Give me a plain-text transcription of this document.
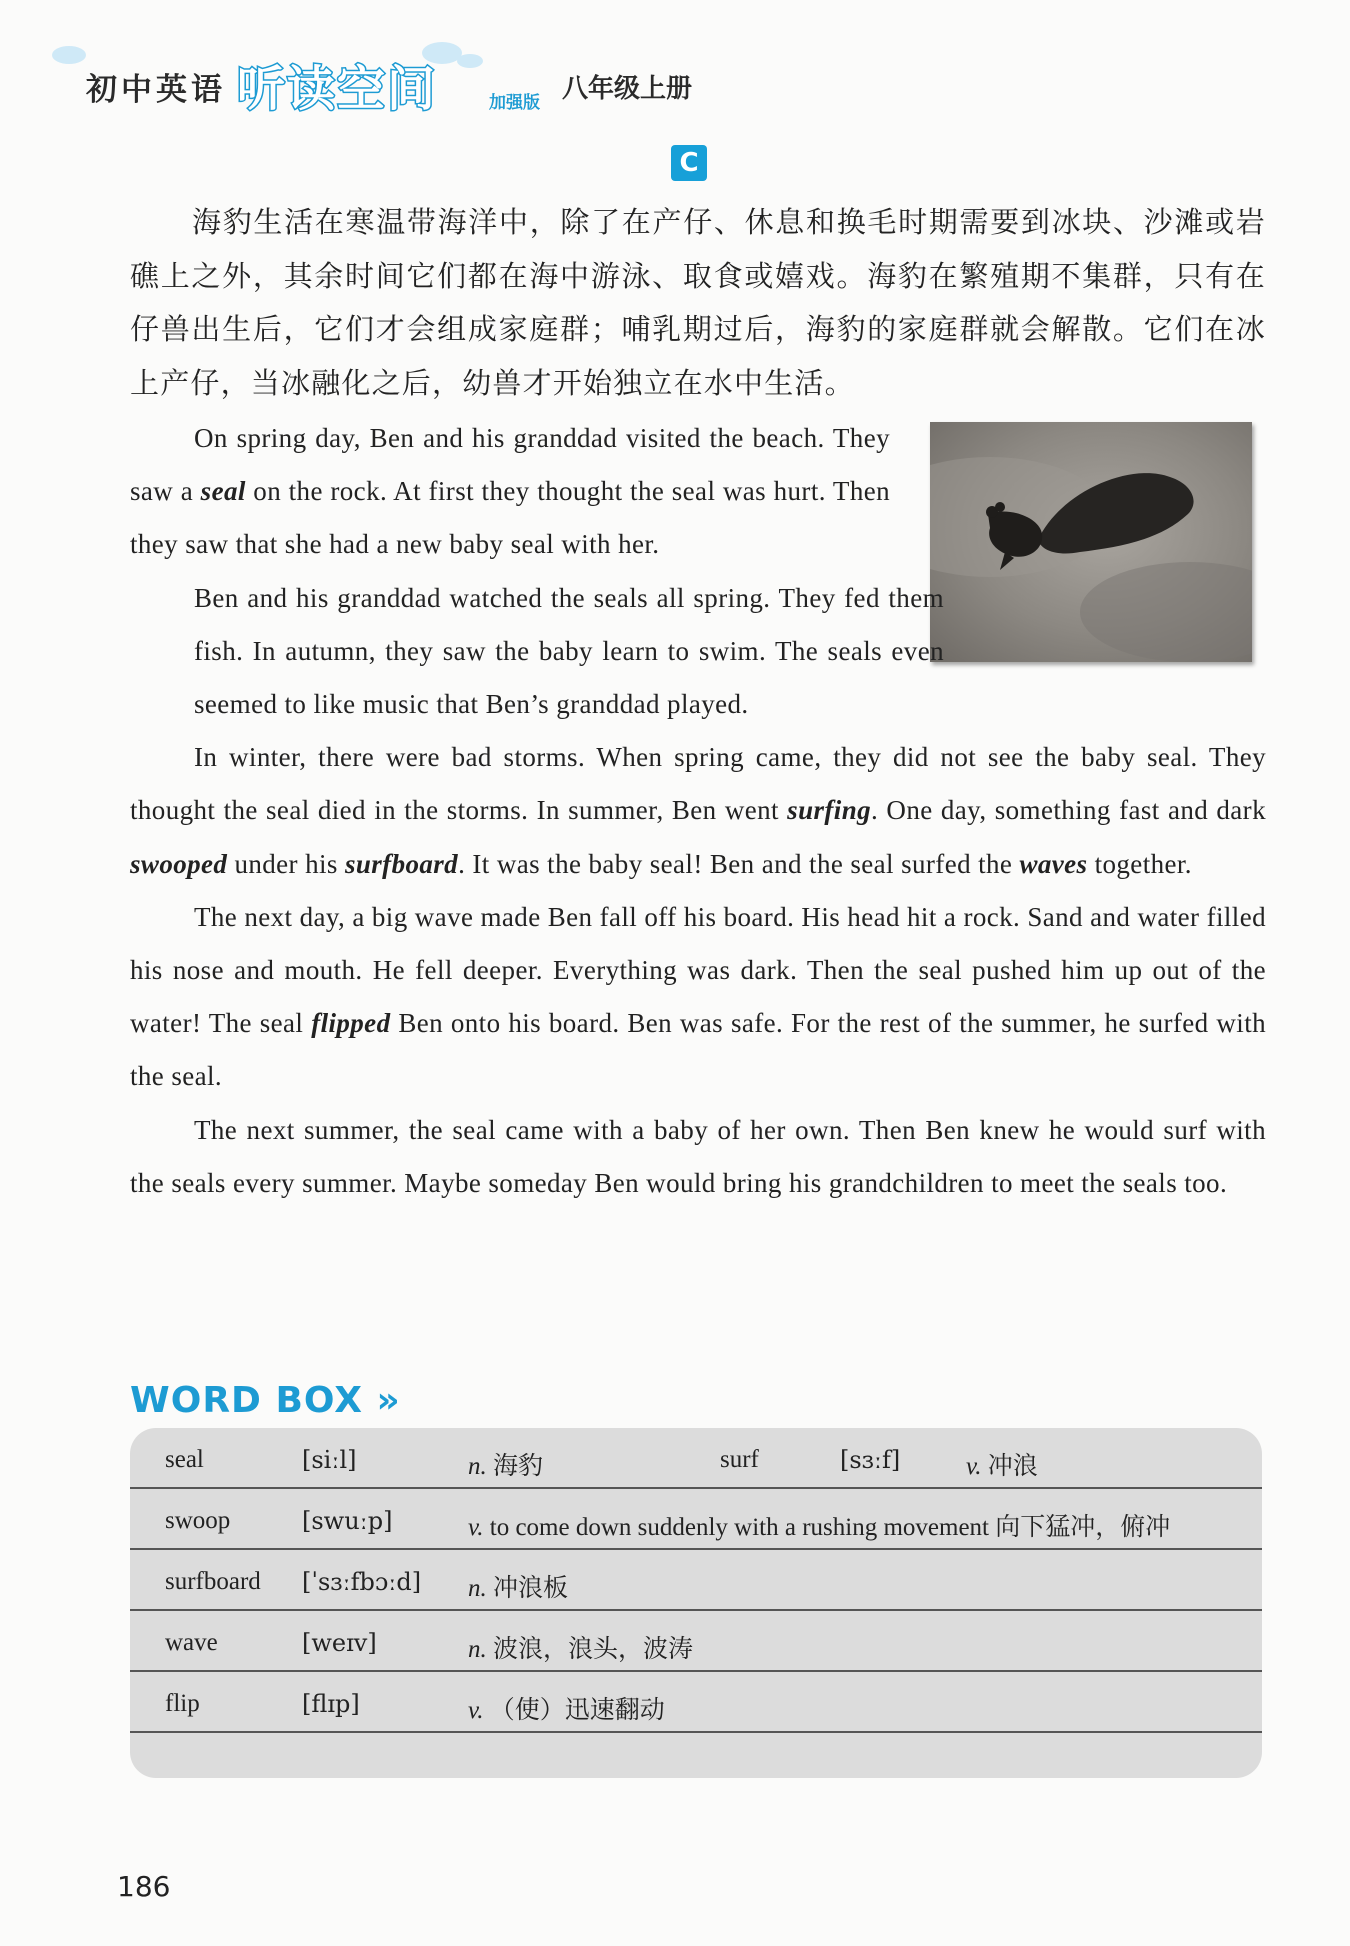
初中英语 听读空间	加强版 八年级上册
C
海豹生活在寒温带海洋中，除了在产仔、休息和换毛时期需要到冰块、沙滩或岩礁上之外，其余时间它们都在海中游泳、取食或嬉戏。海豹在繁殖期不集群，只有在仔兽出生后，它们才会组成家庭群；哺乳期过后，海豹的家庭群就会解散。它们在冰上产仔，当冰融化之后，幼兽才开始独立在水中生活。

On spring day, Ben and his granddad visited the beach. They saw a seal on the rock. At first they thought the seal was hurt. Then they saw that she had a new baby seal with her.

Ben and his granddad watched the seals all spring. They fed them fish. In autumn, they saw the baby learn to swim. The seals even seemed to like music that Ben’s granddad played.

In winter, there were bad storms. When spring came, they did not see the baby seal. They thought the seal died in the storms. In summer, Ben went surfing. One day, something fast and dark swooped under his surfboard. It was the baby seal! Ben and the seal surfed the waves together.

The next day, a big wave made Ben fall off his board. His head hit a rock. Sand and water filled his nose and mouth. He fell deeper. Everything was dark. Then the seal pushed him up out of the water! The seal flipped Ben onto his board. Ben was safe. For the rest of the summer, he surfed with the seal.

The next summer, the seal came with a baby of her own. Then Ben knew he would surf with the seals every summer. Maybe someday Ben would bring his grandchildren to meet the seals too.

WORD BOX »
seal	[siːl]	n. 海豹	surf	[sɜːf]	v. 冲浪
swoop	[swuːp]	v. to come down suddenly with a rushing movement 向下猛冲，俯冲
surfboard [ˈsɜːfbɔːd] n. 冲浪板
wave	[weɪv]	n. 波浪，浪头，波涛
flip	[flɪp]	v. （使）迅速翻动
186
